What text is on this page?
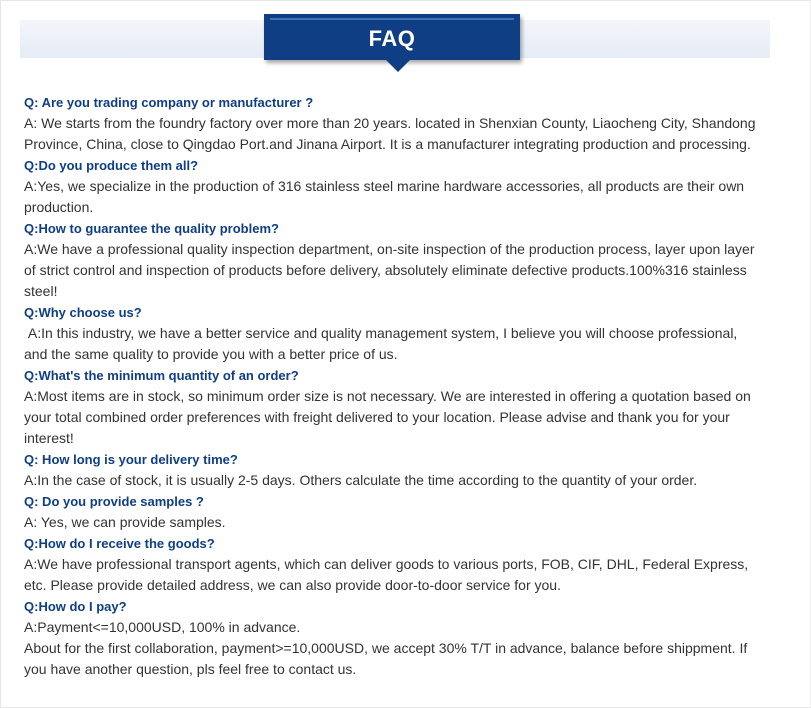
FAQ

Q: Are you trading company or manufacturer ?

A: We starts from the foundry factory over more than 20 years. located in Shenxian County, Liaocheng City, Shandong
Province, China, close to Qingdao Port.and Jinana Airport. It is a manufacturer integrating production and processing.

Q:Do you produce them all?

A:Yes, we specialize in the production of 316 stainless steel marine hardware accessories, all products are their own
production.

Q:How to guarantee the quality problem?

A:We have a professional quality inspection department, on-site inspection of the production process, layer upon layer
of strict control and inspection of products before delivery, absolutely eliminate defective products.100%316 stainless
steel!

Q:Why choose us?

A:In this industry, we have a better service and quality management system, I believe you will choose professional,
and the same quality to provide you with a better price of us.

Q:What's the minimum quantity of an order?

A:Most items are in stock, so minimum order size is not necessary. We are interested in offering a quotation based on
your total combined order preferences with freight delivered to your location. Please advise and thank you for your
interest!

Q: How long is your delivery time?

A:In the case of stock, it is usually 2-5 days. Others calculate the time according to the quantity of your order.

Q: Do you provide samples ?

A: Yes, we can provide samples.

Q:How do I receive the goods?

A:We have professional transport agents, which can deliver goods to various ports, FOB, CIF, DHL, Federal Express,
etc. Please provide detailed address, we can also provide door-to-door service for you.

Q:How do I pay?

A:Payment<=10,000USD, 100% in advance.
About for the first collaboration, payment>=10,000USD, we accept 30% T/T in advance, balance before shippment. If
you have another question, pls feel free to contact us.
